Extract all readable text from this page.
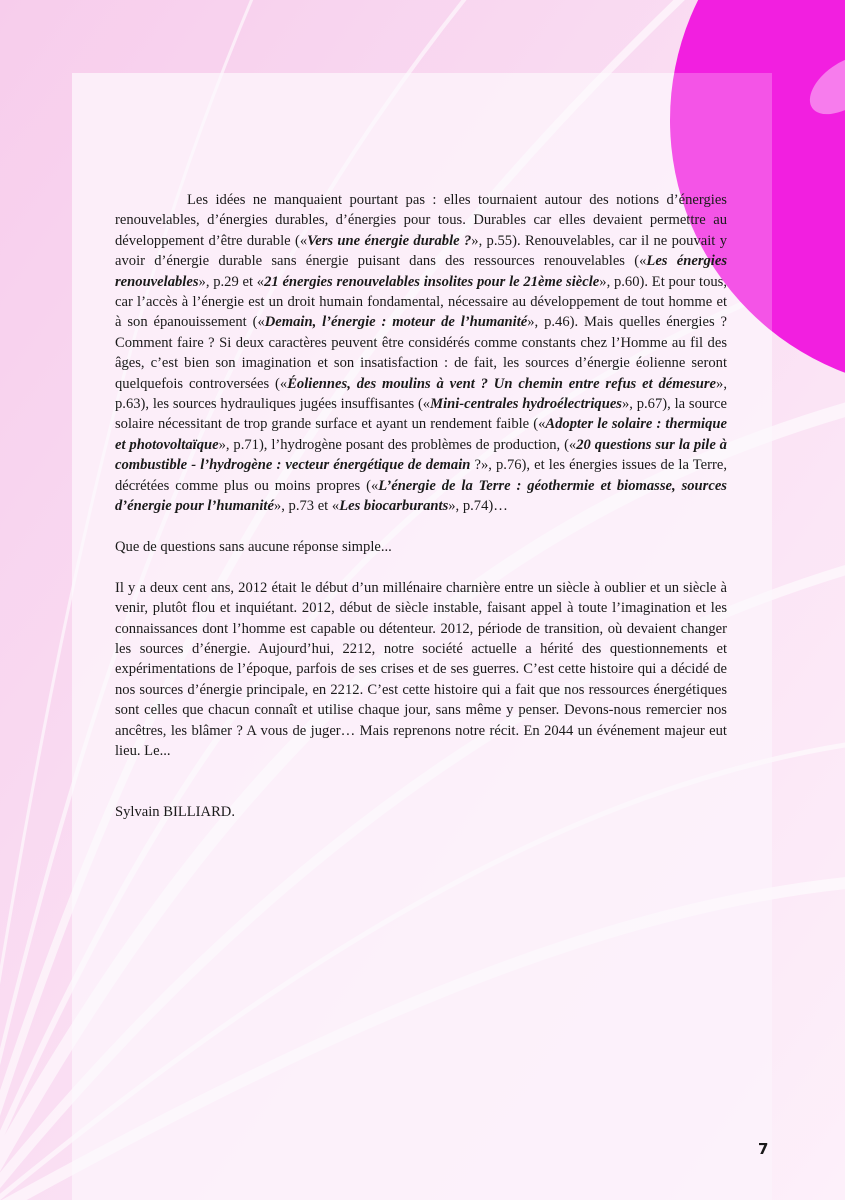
Les idées ne manquaient pourtant pas : elles tournaient autour des notions d’énergies renouvelables, d’énergies durables, d’énergies pour tous. Durables car elles devaient permettre au développement d’être durable («Vers une énergie durable ?», p.55). Renouvelables, car il ne pouvait y avoir d’énergie durable sans énergie puisant dans des ressources renouvelables («Les énergies renouvelables», p.29 et «21 énergies renouvelables insolites pour le 21ème siècle», p.60). Et pour tous, car l’accès à l’énergie est un droit humain fondamental, nécessaire au développement de tout homme et à son épanouissement («Demain, l’énergie : moteur de l’humanité», p.46). Mais quelles énergies ? Comment faire ? Si deux caractères peuvent être considérés comme constants chez l’Homme au fil des âges, c’est bien son imagination et son insatisfaction : de fait, les sources d’énergie éolienne seront quelquefois controversées («Éoliennes, des moulins à vent ? Un chemin entre refus et démesure», p.63), les sources hydrauliques jugées insuffisantes («Mini-centrales hydroélectriques», p.67), la source solaire nécessitant de trop grande surface et ayant un rendement faible («Adopter le solaire : thermique et photovoltaïque», p.71), l’hydrogène posant des problèmes de production, («20 questions sur la pile à combustible - l’hydrogène : vecteur énergétique de demain ?», p.76), et les énergies issues de la Terre, décrétées comme plus ou moins propres («L’énergie de la Terre : géothermie et biomasse, sources d’énergie pour l’humanité», p.73 et «Les biocarburants», p.74)…

Que de questions sans aucune réponse simple...

Il y a deux cent ans, 2012 était le début d’un millénaire charnière entre un siècle à oublier et un siècle à venir, plutôt flou et inquiétant. 2012, début de siècle instable, faisant appel à toute l’imagination et les connaissances dont l’homme est capable ou détenteur. 2012, période de transition, où devaient changer les sources d’énergie. Aujourd’hui, 2212, notre société actuelle a hérité des questionnements et expérimentations de l’époque, parfois de ses crises et de ses guerres. C’est cette histoire qui a décidé de nos sources d’énergie principale, en 2212. C’est cette histoire qui a fait que nos ressources énergétiques sont celles que chacun connaît et utilise chaque jour, sans même y penser. Devons-nous remercier nos ancêtres, les blâmer ? A vous de juger… Mais reprenons notre récit. En 2044 un événement majeur eut lieu. Le...

Sylvain BILLIARD.

7
